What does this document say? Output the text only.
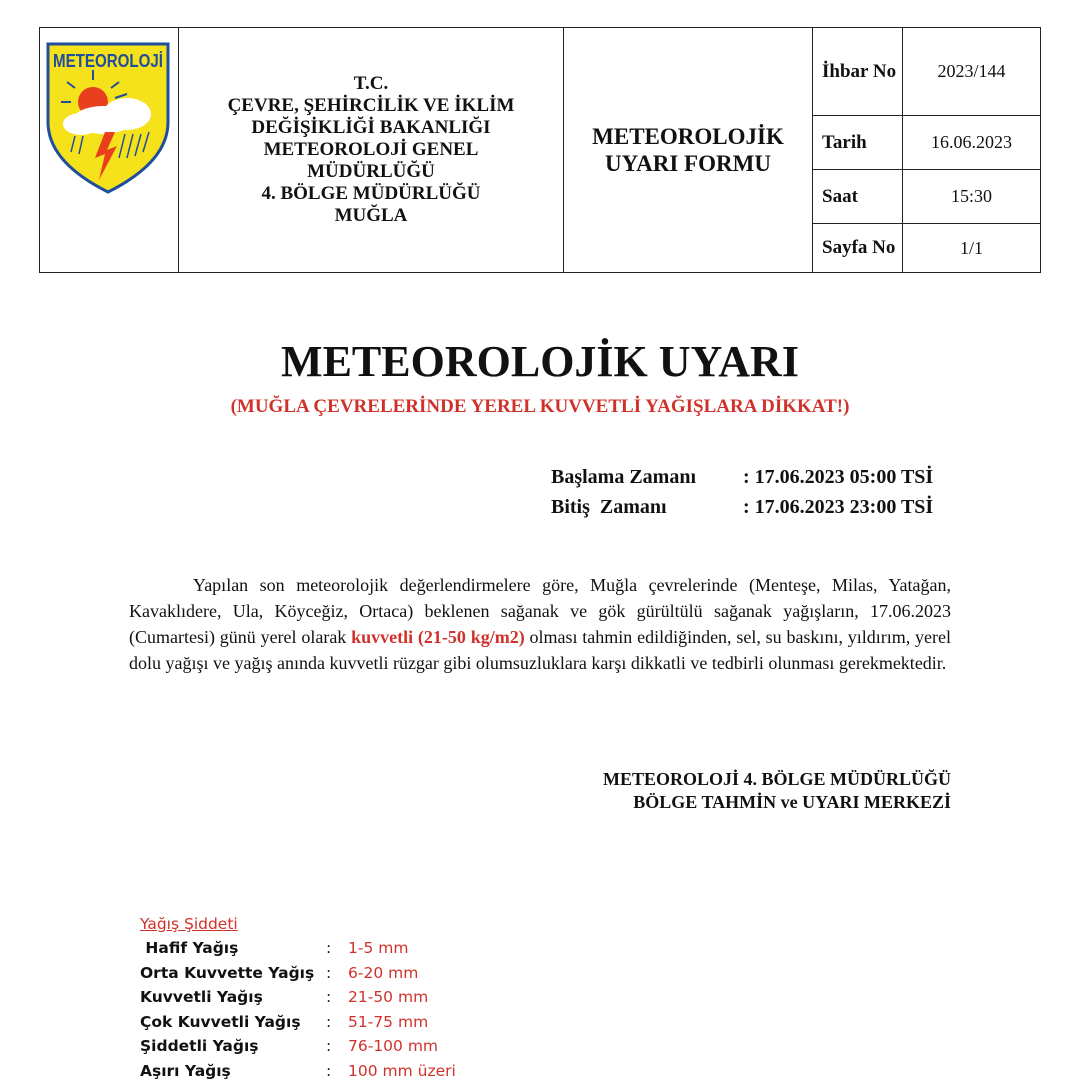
METEOROLOJİ
T.C.
ÇEVRE, ŞEHİRCİLİK VE İKLİM
DEĞİŞİKLİĞİ BAKANLIĞI
METEOROLOJİ GENEL
MÜDÜRLÜĞÜ
4. BÖLGE MÜDÜRLÜĞÜ
MUĞLA
METEOROLOJİK
UYARI FORMU
İhbar No	2023/144
Tarih	16.06.2023
Saat	15:30
Sayfa No	1/1
METEOROLOJİK UYARI
(MUĞLA ÇEVRELERİNDE YEREL KUVVETLİ YAĞIŞLARA DİKKAT!)
Başlama Zamanı	: 17.06.2023 05:00 TSİ
Bitiş  Zamanı	: 17.06.2023 23:00 TSİ
Yapılan son meteorolojik değerlendirmelere göre, Muğla çevrelerinde (Menteşe, Milas, Yatağan, Kavaklıdere, Ula, Köyceğiz, Ortaca) beklenen sağanak ve gök gürültülü sağanak yağışların, 17.06.2023 (Cumartesi) günü yerel olarak kuvvetli (21-50 kg/m2) olması tahmin edildiğinden, sel, su baskını, yıldırım, yerel dolu yağışı ve yağış anında kuvvetli rüzgar gibi olumsuzluklara karşı dikkatli ve tedbirli olunması gerekmektedir.
METEOROLOJİ 4. BÖLGE MÜDÜRLÜĞÜ
BÖLGE TAHMİN ve UYARI MERKEZİ
Yağış Şiddeti
Hafif Yağış	:	1-5 mm
Orta Kuvvette Yağış :	6-20 mm
Kuvvetli Yağış	:	21-50 mm
Çok Kuvvetli Yağış	:	51-75 mm
Şiddetli Yağış	:	76-100 mm
Aşırı Yağış	:	100 mm üzeri
